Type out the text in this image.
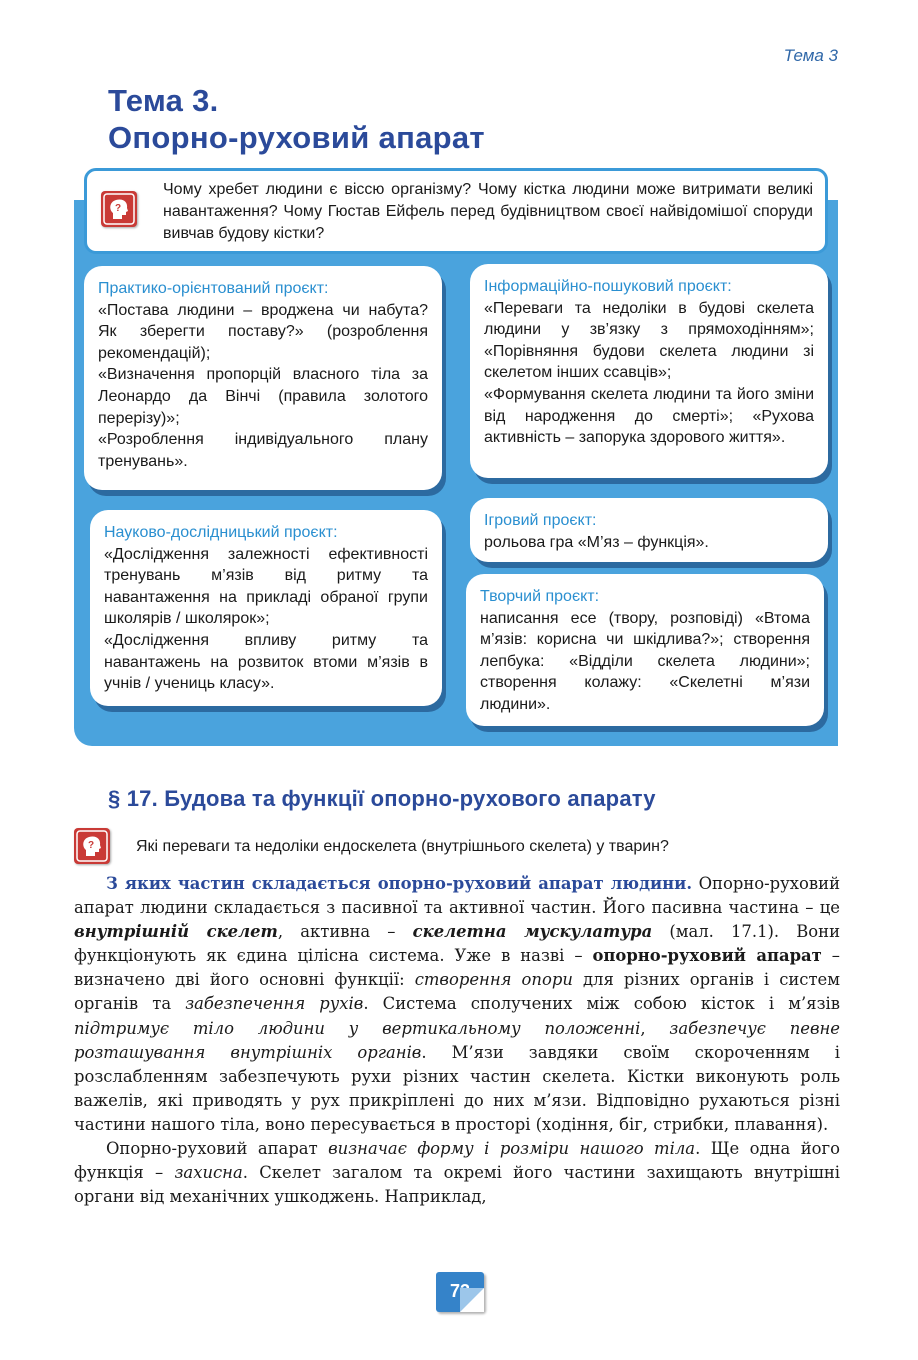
Тема 3
Тема 3.
Опорно-руховий апарат
?
Чому хребет людини є віссю організму? Чому кістка людини може витримати великі навантаження? Чому Гюстав Ейфель перед будівництвом своєї найвідомішої споруди вивчав будову кістки?
Практико-орієнтований проєкт:
«Постава людини – вроджена чи набута? Як зберегти поставу?» (розроблення рекомендацій);
«Визначення пропорцій власного тіла за Леонардо да Вінчі (правила золотого перерізу)»;
«Розроблення індивідуального плану тренувань».
Інформаційно-пошуковий проєкт:
«Переваги та недоліки в будові скелета людини у зв’язку з прямоходінням»; «Порівняння будови скелета людини зі скелетом інших ссавців»;
«Формування скелета людини та його зміни від народження до смерті»; «Рухова активність – запорука здорового життя».
Науково-дослідницький проєкт:
«Дослідження залежності ефективності тренувань м’язів від ритму та навантаження на прикладі обраної групи школярів / школярок»;
«Дослідження впливу ритму та навантажень на розвиток втоми м’язів в учнів / учениць класу».
Ігровий проєкт:
рольова гра «М’яз – функція».
Творчий проєкт:
написання есе (твору, розповіді) «Втома м’язів: корисна чи шкідлива?»; створення лепбука: «Відділи скелета людини»; створення колажу: «Скелетні м’язи людини».
§ 17. Будова та функції опорно-рухового апарату
?	Які переваги та недоліки ендоскелета (внутрішнього скелета) у тварин?

З яких частин складається опорно-руховий апарат людини. Опорно-руховий апарат людини складається з пасивної та активної частин. Його пасивна частина – це внутрішній скелет, активна – скелетна мускулатура (мал. 17.1). Вони функціонують як єдина цілісна система. Уже в назві – опорно-руховий апарат – визначено дві його основні функції: створення опори для різних органів і систем органів та забезпечення рухів. Система сполучених між собою кісток і м’язів підтримує тіло людини у вертикальному положенні, забезпечує певне розташування внутрішніх органів. М’язи завдяки своїм скороченням і розслабленням забезпечують рухи різних частин скелета. Кістки виконують роль важелів, які приводять у рух прикріплені до них м’язи. Відповідно рухаються різні частини нашого тіла, воно пересувається в просторі (ходіння, біг, стрибки, плавання).

Опорно-руховий апарат визначає форму і розміри нашого тіла. Ще одна його функція – захисна. Скелет загалом та окремі його частини захищають внутрішні органи від механічних ушкоджень. Наприклад,

73
